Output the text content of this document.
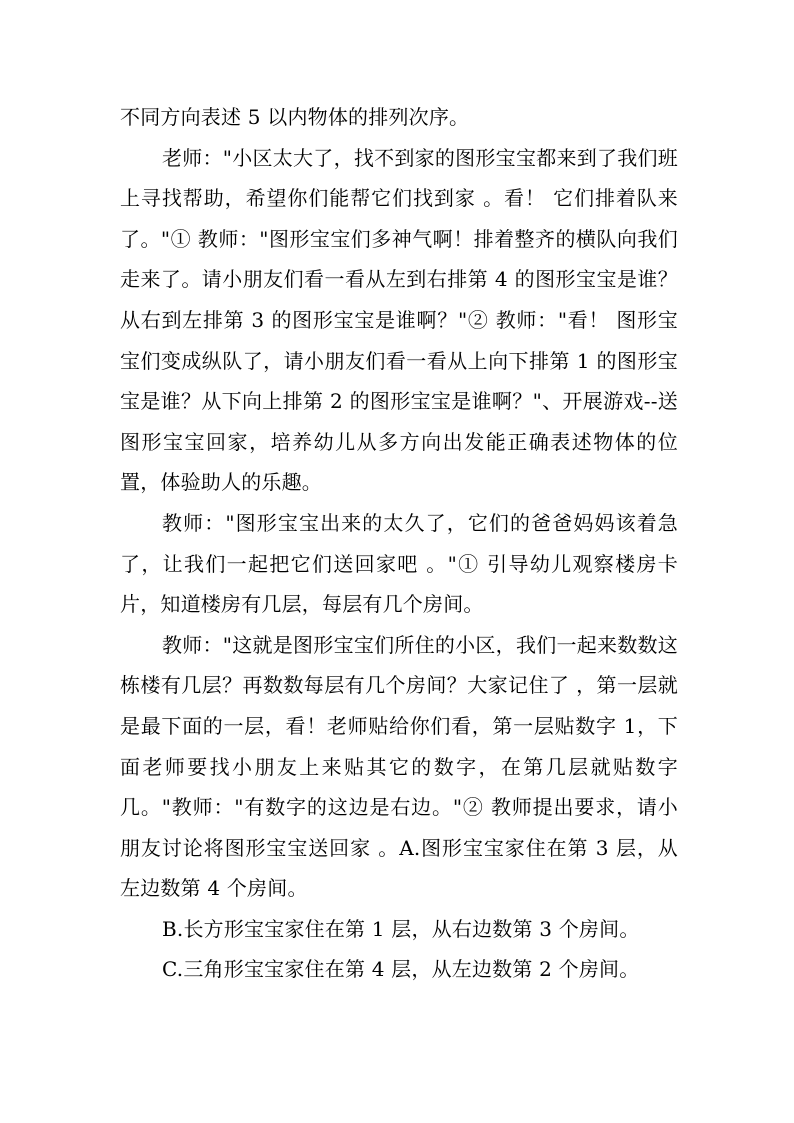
不同方向表述 5 以内物体的排列次序。

老师："小区太大了，找不到家的图形宝宝都来到了我们班上寻找帮助，希望你们能帮它们找到家 。看！ 它们排着队来了。"① 教师："图形宝宝们多神气啊！排着整齐的横队向我们走来了。请小朋友们看一看从左到右排第 4 的图形宝宝是谁？从右到左排第 3 的图形宝宝是谁啊？"② 教师："看！ 图形宝宝们变成纵队了，请小朋友们看一看从上向下排第 1 的图形宝宝是谁？从下向上排第 2 的图形宝宝是谁啊？"、开展游戏--送图形宝宝回家，培养幼儿从多方向出发能正确表述物体的位置，体验助人的乐趣。

教师："图形宝宝出来的太久了，它们的爸爸妈妈该着急了，让我们一起把它们送回家吧 。"① 引导幼儿观察楼房卡片，知道楼房有几层，每层有几个房间。

教师："这就是图形宝宝们所住的小区，我们一起来数数这栋楼有几层？再数数每层有几个房间？大家记住了 ，第一层就是最下面的一层，看！老师贴给你们看，第一层贴数字 1，下面老师要找小朋友上来贴其它的数字，在第几层就贴数字几。"教师："有数字的这边是右边。"② 教师提出要求，请小朋友讨论将图形宝宝送回家 。A.图形宝宝家住在第 3 层，从左边数第 4 个房间。

B.长方形宝宝家住在第 1 层，从右边数第 3 个房间。

C.三角形宝宝家住在第 4 层，从左边数第 2 个房间。
